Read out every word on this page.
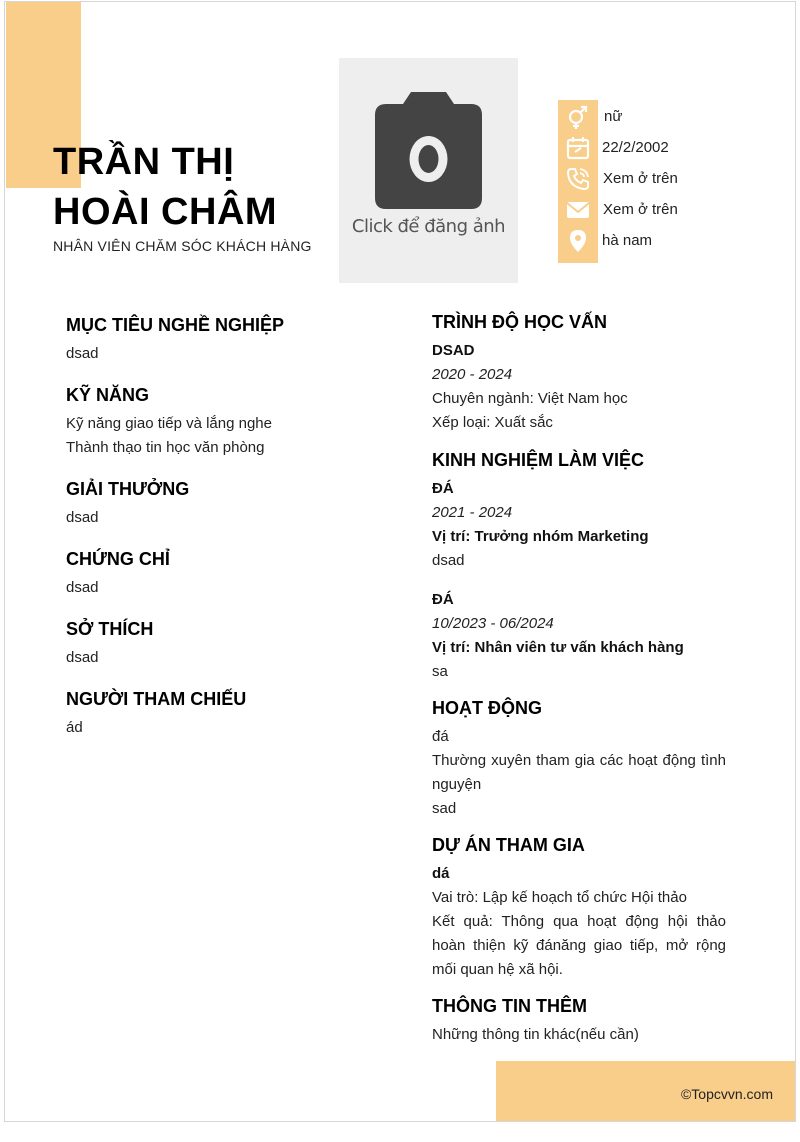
TRẦN THỊ
HOÀI CHÂM
NHÂN VIÊN CHĂM SÓC KHÁCH HÀNG
Click để đăng ảnh
nữ
22/2/2002
Xem ở trên
Xem ở trên
hà nam
MỤC TIÊU NGHỀ NGHIỆP
dsad
KỸ NĂNG
Kỹ năng giao tiếp và lắng nghe
Thành thạo tin học văn phòng
GIẢI THƯỞNG
dsad
CHỨNG CHỈ
dsad
SỞ THÍCH
dsad
NGƯỜI THAM CHIẾU
ád
TRÌNH ĐỘ HỌC VẤN
DSAD
2020 - 2024
Chuyên ngành: Việt Nam học
Xếp loại: Xuất sắc
KINH NGHIỆM LÀM VIỆC
ĐÁ
2021 - 2024
Vị trí: Trưởng nhóm Marketing
dsad
ĐÁ
10/2023 - 06/2024
Vị trí: Nhân viên tư vấn khách hàng
sa
HOẠT ĐỘNG
đá
Thường xuyên tham gia các hoạt động tình nguyện
sad
DỰ ÁN THAM GIA
dá
Vai trò: Lập kế hoạch tổ chức Hội thảo
Kết quả: Thông qua hoạt động hội thảo hoàn thiện kỹ đánăng giao tiếp, mở rộng mối quan hệ xã hội.
THÔNG TIN THÊM
Những thông tin khác(nếu cần)
©Topcvvn.com
